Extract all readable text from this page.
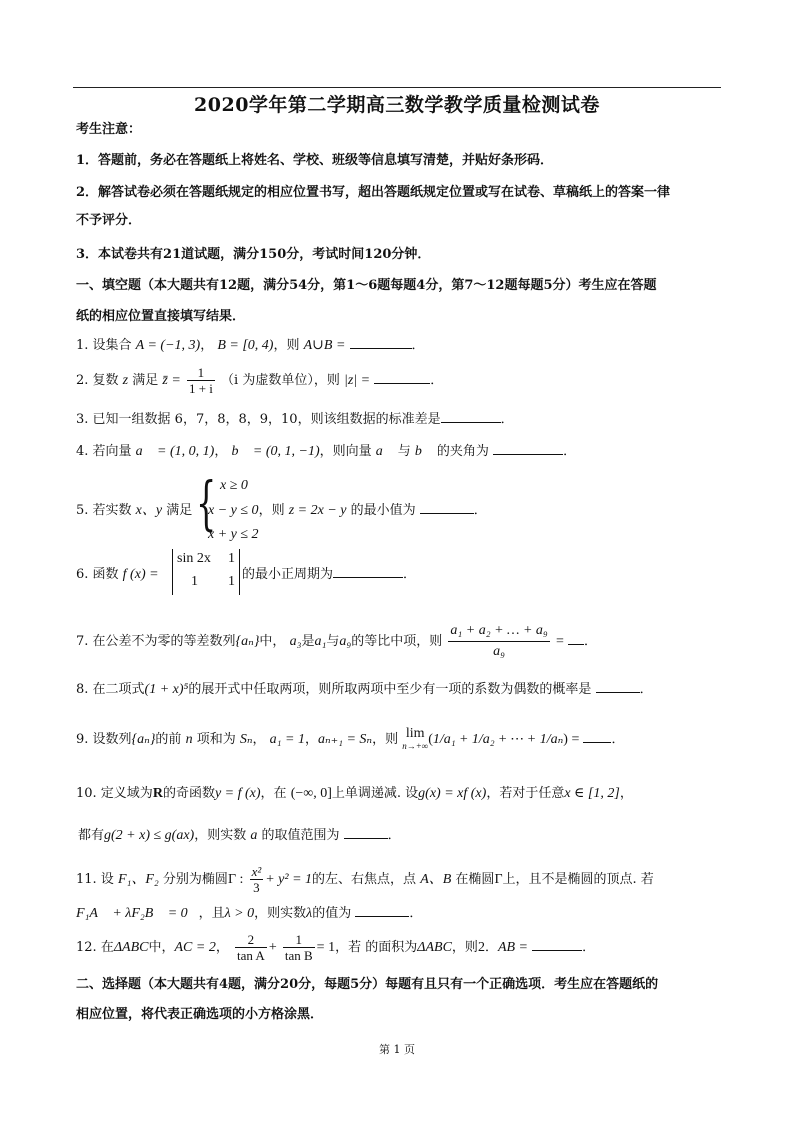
2020学年第二学期高三数学教学质量检测试卷
考生注意：
1．答题前，务必在答题纸上将姓名、学校、班级等信息填写清楚，并贴好条形码．
2．解答试卷必须在答题纸规定的相应位置书写，超出答题纸规定位置或写在试卷、草稿纸上的答案一律
不予评分．
3．本试卷共有21道试题，满分150分，考试时间120分钟．
一、填空题（本大题共有12题，满分54分，第1～6题每题4分，第7～12题每题5分）考生应在答题
纸的相应位置直接填写结果．
1. 设集合 A = (−1, 3)， B = [0, 4)，则 A∪B =	．
2. 复数 z 满足 z̄ = $\frac{1}{1 + i} (i$ 为虚数单位），则 |z| =	．
3. 已知一组数据 6，7，8，8，9，10，则该组数据的标准差是	．
4. 若向量 a⃗ = (1, 0, 1)， b⃗ = (0, 1, −1)，则向量 a⃗ 与 b⃗ 的夹角为	．
{ x ≥ 0
5. 若实数 x、y 满足 x − y ≤ 0，则 z = 2x − y 的最小值为	．
x + y ≤ 2
6. 函数 f (x) =
sin 2x 1
1 1 的最小正周期为	．
7. 在公差不为零的等差数列{aₙ}中， a₃是a₁与a₉的等比中项，则 $\frac{\text{a₁ + a₂ + … + a₉}}{\text{a₉}}$ = ．
8. 在二项式(1 + x)⁵的展开式中任取两项，则所取两项中至少有一项的系数为偶数的概率是	．
9. 设数列{aₙ}的前 n 项和为 Sₙ， a₁ = 1，aₙ₊₁ = Sₙ，则 lim
n→+∞ (1/a₁ + 1/a₂ + ⋯ + 1/aₙ) = ．
10. 定义域为R的奇函数y = f (x)，在 (−∞, 0]上单调递减. 设g(x) = xf (x)，若对于任意x ∈ [1, 2]，
都有g(2 + x) ≤ g(ax)，则实数 a 的取值范围为	．
11. 设 F₁、F₂ 分别为椭圆Γ : $\frac{\text{x²}}{3} + y^2 = 1$的左、右焦点，点 A、B 在椭圆Γ上，且不是椭圆的顶点. 若
F₁A⃗ + λF₂B⃗ = 0⃗，且λ > 0，则实数λ的值为	．
12. 在ΔABC中，AC = 2， $\frac{2}{\text{tan A}} + \frac{1}{\text{tan B}} = 1$，若 的面积为ΔABC，则2．AB =	．
二、选择题（本大题共有4题，满分20分，每题5分）每题有且只有一个正确选项．考生应在答题纸的
相应位置，将代表正确选项的小方格涂黑．
第 1 页
